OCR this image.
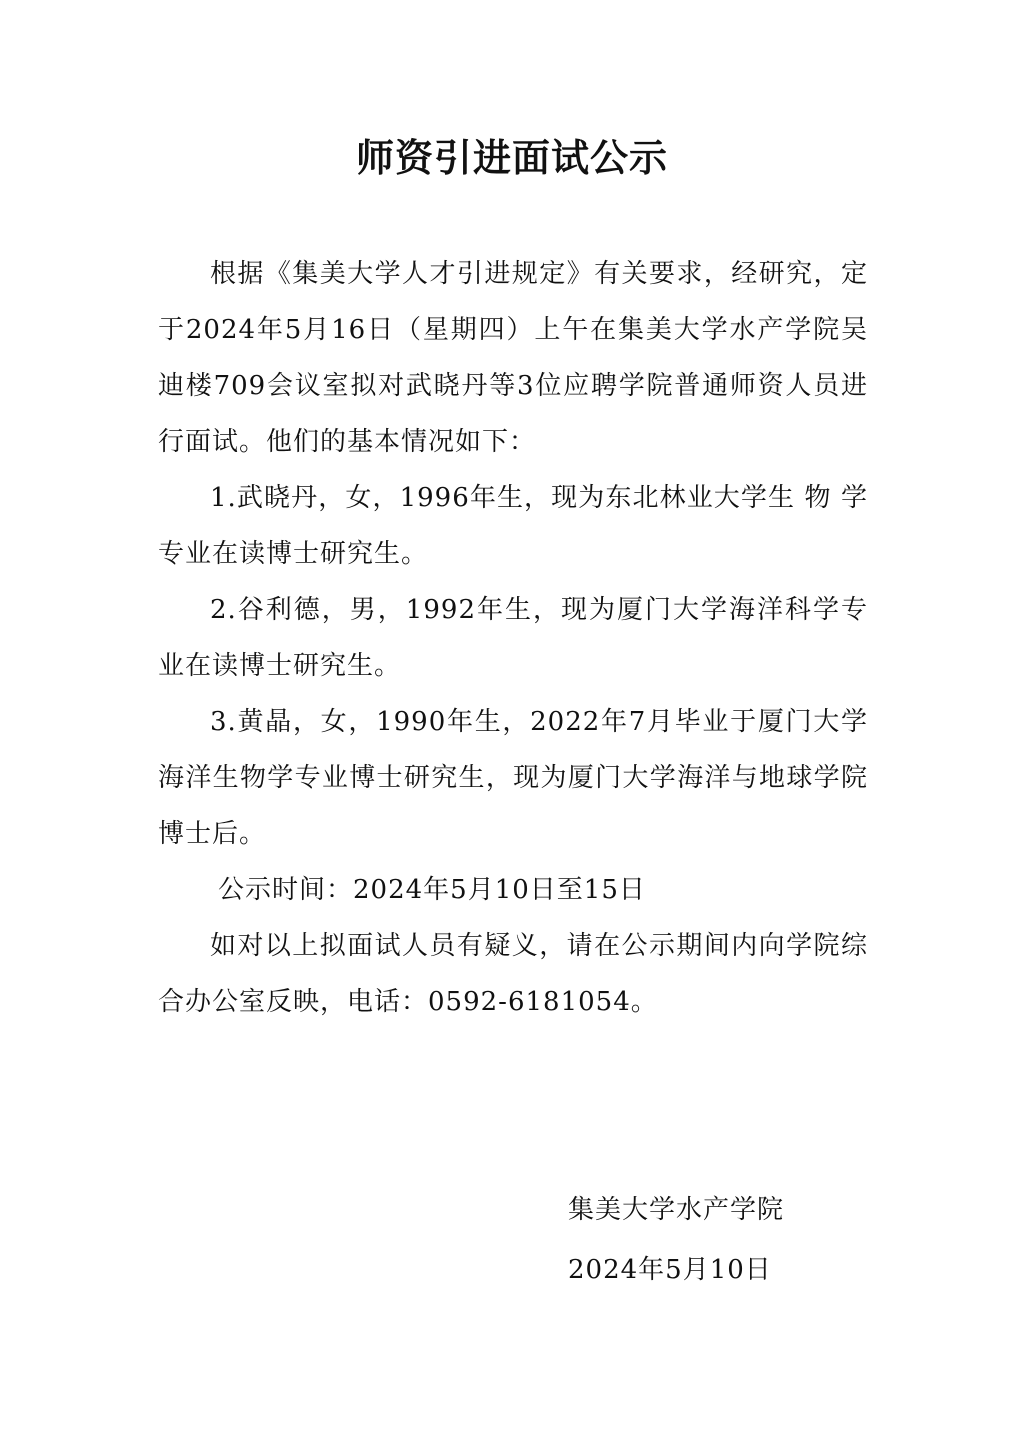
师资引进面试公示

根据《集美大学人才引进规定》有关要求，经研究，定于2024年5月16日（星期四）上午在集美大学水产学院吴迪楼709会议室拟对武晓丹等3位应聘学院普通师资人员进行面试。他们的基本情况如下：

1.武晓丹，女，1996年生，现为东北林业大学生 物 学专业在读博士研究生。

2.谷利德，男，1992年生，现为厦门大学海洋科学专业在读博士研究生。

3.黄晶，女，1990年生，2022年7月毕业于厦门大学海洋生物学专业博士研究生，现为厦门大学海洋与地球学院博士后。

公示时间：2024年5月10日至15日

如对以上拟面试人员有疑义，请在公示期间内向学院综合办公室反映，电话：0592-6181054。

集美大学水产学院
2024年5月10日
